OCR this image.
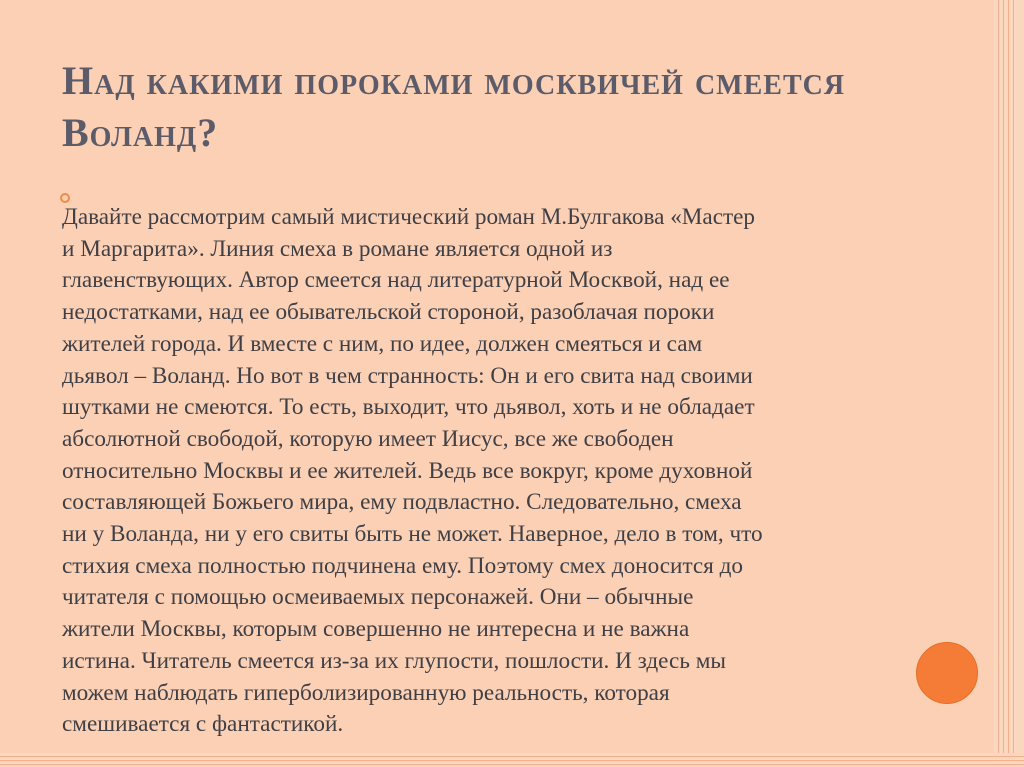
Над какими пороками москвичей смеется Воланд?

Давайте рассмотрим самый мистический роман М.Булгакова «Мастер
и Маргарита». Линия смеха в романе является одной из
главенствующих. Автор смеется над литературной Москвой, над ее
недостатками, над ее обывательской стороной, разоблачая пороки
жителей города. И вместе с ним, по идее, должен смеяться и сам
дьявол – Воланд. Но вот в чем странность: Он и его свита над своими
шутками не смеются. То есть, выходит, что дьявол, хоть и не обладает
абсолютной свободой, которую имеет Иисус, все же свободен
относительно Москвы и ее жителей. Ведь все вокруг, кроме духовной
составляющей Божьего мира, ему подвластно. Следовательно, смеха
ни у Воланда, ни у его свиты быть не может. Наверное, дело в том, что
стихия смеха полностью подчинена ему. Поэтому смех доносится до
читателя с помощью осмеиваемых персонажей. Они – обычные
жители Москвы, которым совершенно не интересна и не важна
истина. Читатель смеется из-за их глупости, пошлости. И здесь мы
можем наблюдать гиперболизированную реальность, которая
смешивается с фантастикой.
